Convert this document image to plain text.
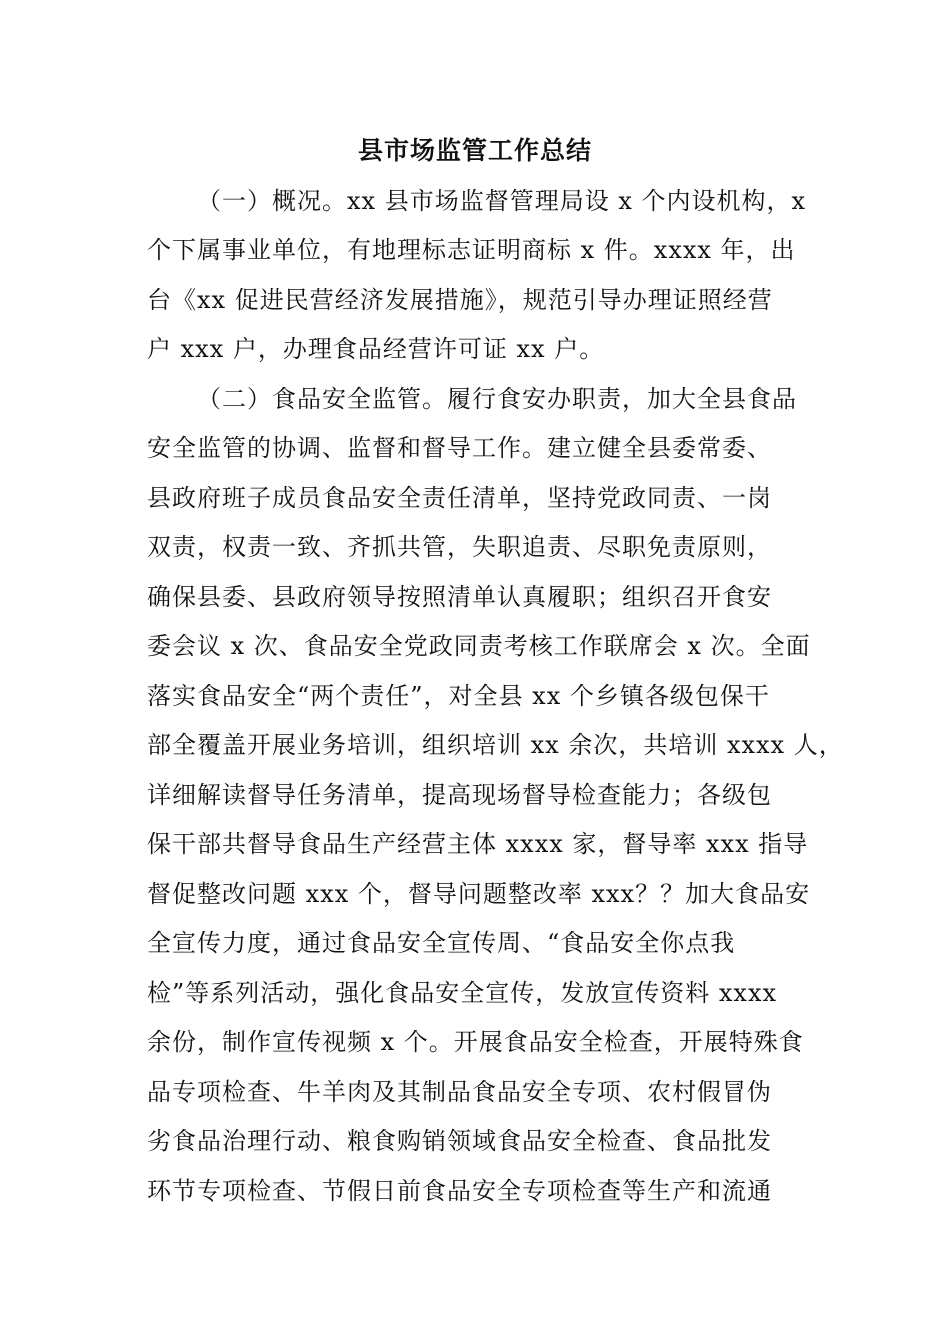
县市场监管工作总结
（一）概况。xx 县市场监督管理局设 x 个内设机构，x
个下属事业单位，有地理标志证明商标 x 件。xxxx 年，出
台《xx 促进民营经济发展措施》，规范引导办理证照经营
户 xxx 户，办理食品经营许可证 xx 户。
（二）食品安全监管。履行食安办职责，加大全县食品
安全监管的协调、监督和督导工作。建立健全县委常委、
县政府班子成员食品安全责任清单，坚持党政同责、一岗
双责，权责一致、齐抓共管，失职追责、尽职免责原则，
确保县委、县政府领导按照清单认真履职；组织召开食安
委会议 x 次、食品安全党政同责考核工作联席会 x 次。全面
落实食品安全“两个责任”，对全县 xx 个乡镇各级包保干
部全覆盖开展业务培训，组织培训 xx 余次，共培训 xxxx 人，
详细解读督导任务清单，提高现场督导检查能力；各级包
保干部共督导食品生产经营主体 xxxx 家，督导率 xxx 指导
督促整改问题 xxx 个，督导问题整改率 xxx？？加大食品安
全宣传力度，通过食品安全宣传周、“食品安全你点我
检”等系列活动，强化食品安全宣传，发放宣传资料 xxxx
余份，制作宣传视频 x 个。开展食品安全检查，开展特殊食
品专项检查、牛羊肉及其制品食品安全专项、农村假冒伪
劣食品治理行动、粮食购销领域食品安全检查、食品批发
环节专项检查、节假日前食品安全专项检查等生产和流通
